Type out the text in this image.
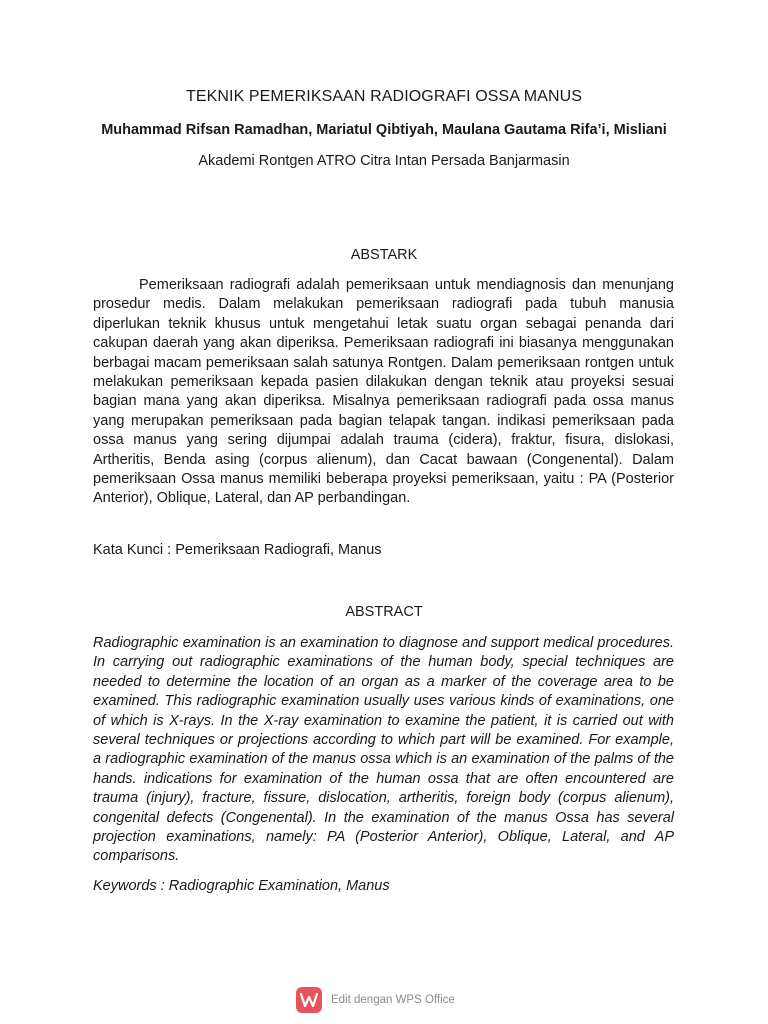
TEKNIK PEMERIKSAAN RADIOGRAFI OSSA MANUS
Muhammad Rifsan Ramadhan, Mariatul Qibtiyah, Maulana Gautama Rifa’i, Misliani
Akademi Rontgen ATRO Citra Intan Persada Banjarmasin
ABSTARK

Pemeriksaan radiografi adalah pemeriksaan untuk mendiagnosis dan menunjang prosedur medis. Dalam melakukan pemeriksaan radiografi pada tubuh manusia diperlukan teknik khusus untuk mengetahui letak suatu organ sebagai penanda dari cakupan daerah yang akan diperiksa. Pemeriksaan radiografi ini biasanya menggunakan berbagai macam pemeriksaan salah satunya Rontgen. Dalam pemeriksaan rontgen untuk melakukan pemeriksaan kepada pasien dilakukan dengan teknik atau proyeksi sesuai bagian mana yang akan diperiksa. Misalnya pemeriksaan radiografi pada ossa manus yang merupakan pemeriksaan pada bagian telapak tangan. indikasi pemeriksaan pada ossa manus yang sering dijumpai adalah trauma (cidera), fraktur, fisura, dislokasi, Artheritis, Benda asing (corpus alienum), dan Cacat bawaan (Congenental). Dalam pemeriksaan Ossa manus memiliki beberapa proyeksi pemeriksaan, yaitu : PA (Posterior Anterior), Oblique, Lateral, dan AP perbandingan.

Kata Kunci : Pemeriksaan Radiografi, Manus

ABSTRACT

Radiographic examination is an examination to diagnose and support medical procedures. In carrying out radiographic examinations of the human body, special techniques are needed to determine the location of an organ as a marker of the coverage area to be examined. This radiographic examination usually uses various kinds of examinations, one of which is X-rays. In the X-ray examination to examine the patient, it is carried out with several techniques or projections according to which part will be examined. For example, a radiographic examination of the manus ossa which is an examination of the palms of the hands. indications for examination of the human ossa that are often encountered are trauma (injury), fracture, fissure, dislocation, artheritis, foreign body (corpus alienum), congenital defects (Congenental). In the examination of the manus Ossa has several projection examinations, namely: PA (Posterior Anterior), Oblique, Lateral, and AP comparisons.

Keywords : Radiographic Examination, Manus

Edit dengan WPS Office
